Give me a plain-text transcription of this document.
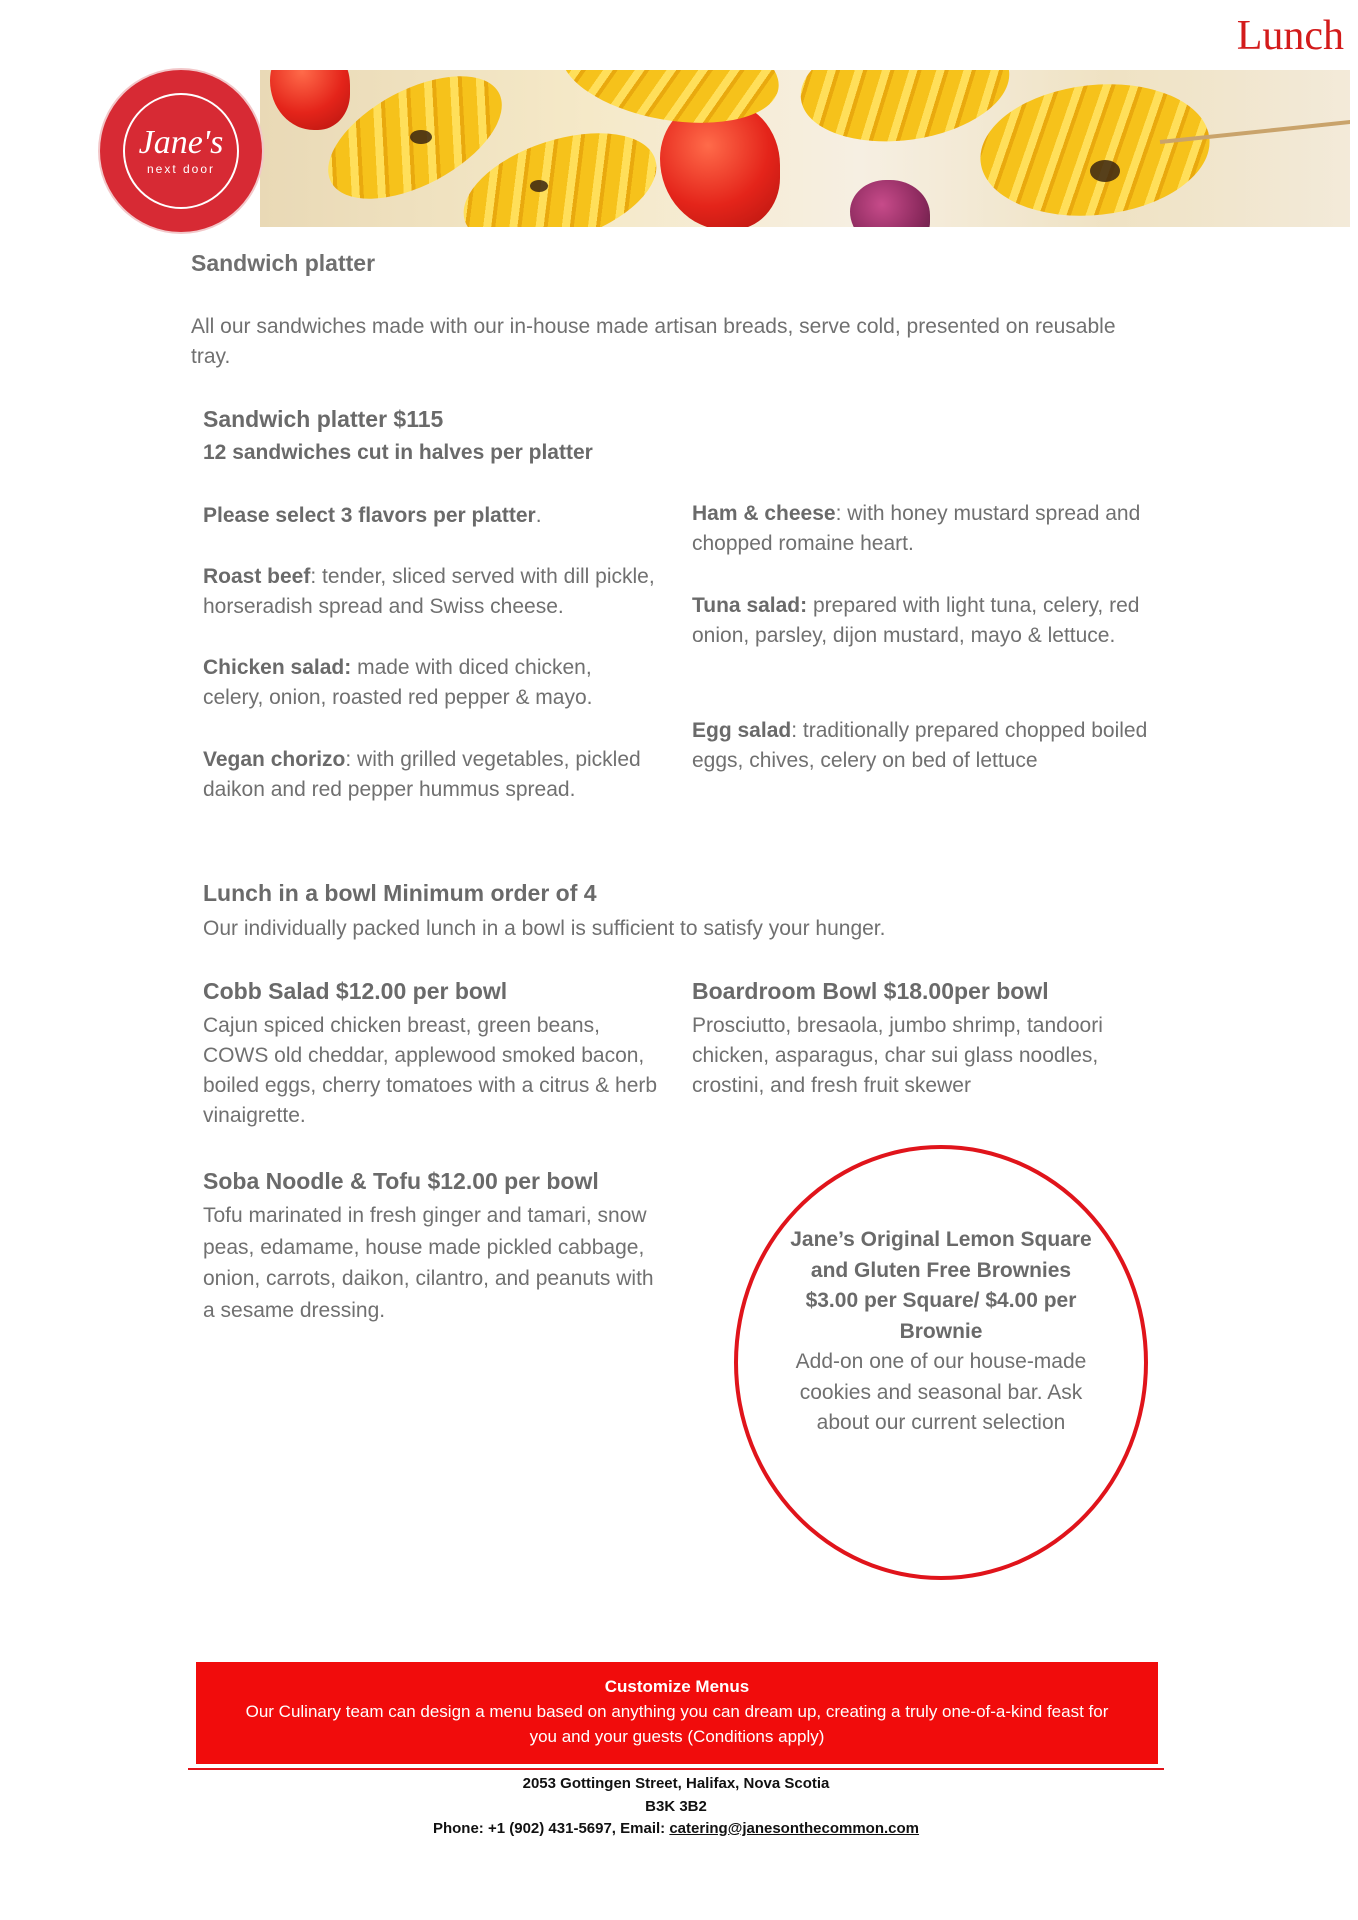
Lunch
Jane's
next door
Sandwich platter
All our sandwiches made with our in-house made artisan breads, serve cold, presented on reusable tray.
Sandwich platter $115
12 sandwiches cut in halves per platter
Please select 3 flavors per platter.
Roast beef: tender, sliced served with dill pickle, horseradish spread and Swiss cheese.
Chicken salad: made with diced chicken, celery, onion, roasted red pepper & mayo.
Vegan chorizo: with grilled vegetables, pickled daikon and red pepper hummus spread.
Ham & cheese: with honey mustard spread and chopped romaine heart.
Tuna salad: prepared with light tuna, celery, red onion, parsley, dijon mustard, mayo & lettuce.
Egg salad: traditionally prepared chopped boiled eggs, chives, celery on bed of lettuce
Lunch in a bowl Minimum order of 4
Our individually packed lunch in a bowl is sufficient to satisfy your hunger.
Cobb Salad $12.00 per bowl
Cajun spiced chicken breast, green beans, COWS old cheddar, applewood smoked bacon, boiled eggs, cherry tomatoes with a citrus & herb vinaigrette.
Boardroom Bowl $18.00per bowl
Prosciutto, bresaola, jumbo shrimp, tandoori chicken, asparagus, char sui glass noodles, crostini, and fresh fruit skewer
Soba Noodle & Tofu $12.00 per bowl
Tofu marinated in fresh ginger and tamari, snow peas, edamame, house made pickled cabbage, onion, carrots, daikon, cilantro, and peanuts with a sesame dressing.
Jane’s Original Lemon Square and Gluten Free Brownies
$3.00 per Square/ $4.00 per Brownie
Add-on one of our house-made cookies and seasonal bar. Ask about our current selection
Customize Menus
Our Culinary team can design a menu based on anything you can dream up, creating a truly one-of-a-kind feast for you and your guests (Conditions apply)
2053 Gottingen Street, Halifax, Nova Scotia
B3K 3B2
Phone: +1 (902) 431-5697, Email: catering@janesonthecommon.com
